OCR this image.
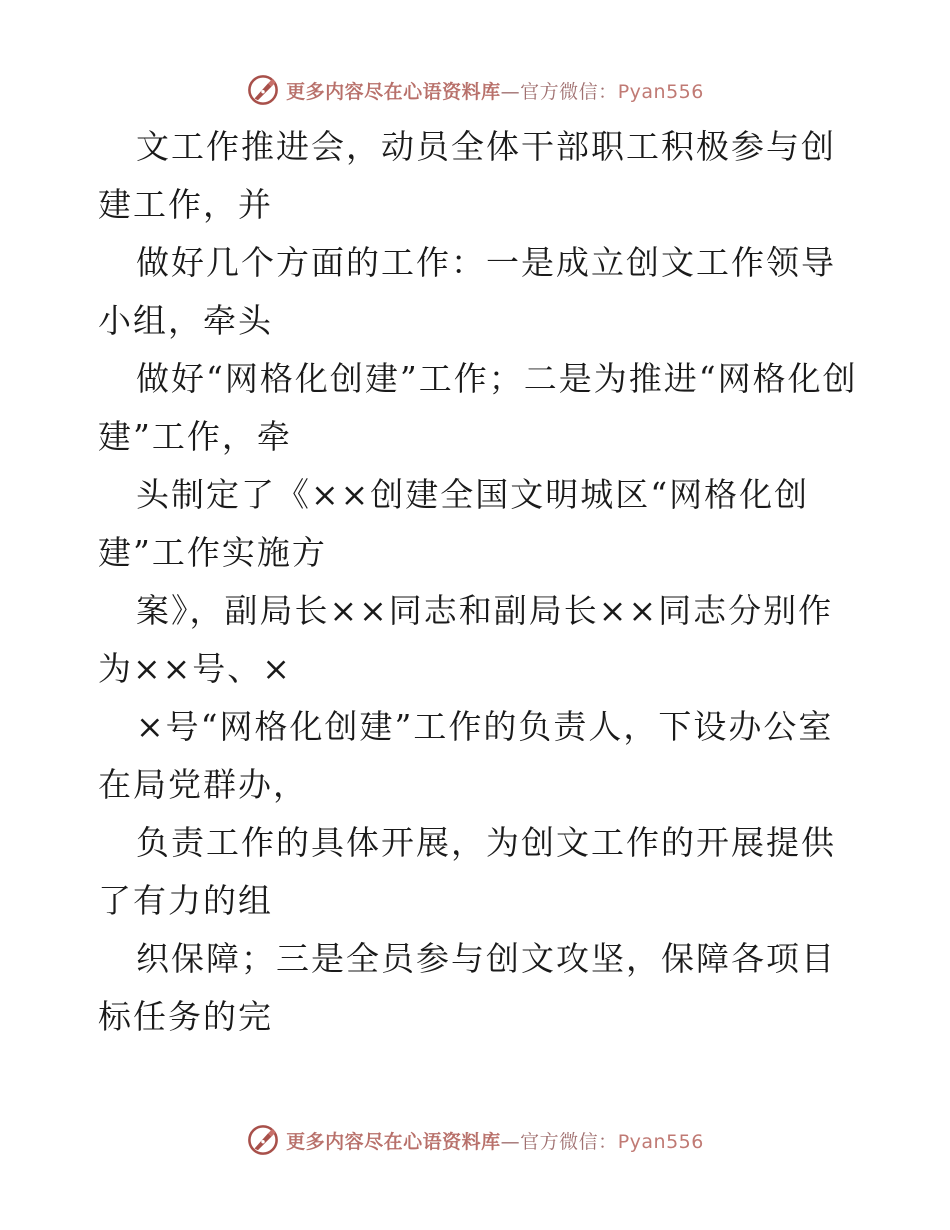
更多内容尽在心语资料库—官方微信：Pyan556

文工作推进会，动员全体干部职工积极参与创建工作，并

做好几个方面的工作：一是成立创文工作领导小组，牵头

做好“网格化创建”工作；二是为推进“网格化创建”工作，牵

头制定了《××创建全国文明城区“网格化创建”工作实施方

案》，副局长××同志和副局长××同志分别作为××号、×

×号“网格化创建”工作的负责人，下设办公室在局党群办，

负责工作的具体开展，为创文工作的开展提供了有力的组

织保障；三是全员参与创文攻坚，保障各项目标任务的完

更多内容尽在心语资料库—官方微信：Pyan556
